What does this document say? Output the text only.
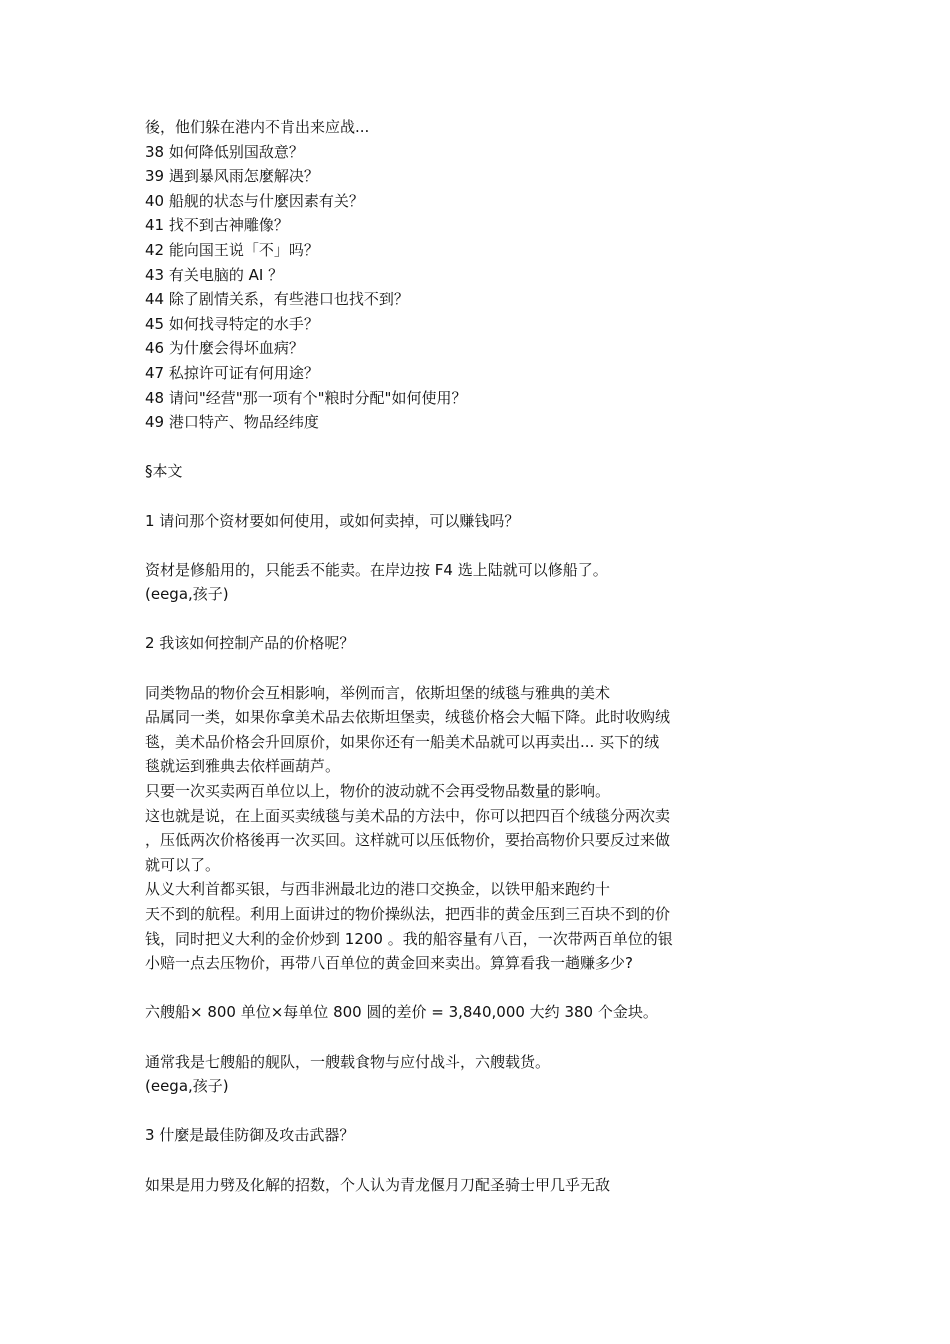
後，他们躲在港内不肯出来应战...

38 如何降低别国敌意？

39 遇到暴风雨怎麼解决？

40 船舰的状态与什麼因素有关？

41 找不到古神雕像？

42 能向国王说「不」吗？

43 有关电脑的 AI ？

44 除了剧情关系，有些港口也找不到？

45 如何找寻特定的水手？

46 为什麼会得坏血病？

47 私掠许可证有何用途？

48 请问"经营"那一项有个"粮时分配"如何使用？

49 港口特产、物品经纬度

§本文

1 请问那个资材要如何使用，或如何卖掉，可以赚钱吗？

资材是修船用的，只能丢不能卖。在岸边按 F4 选上陆就可以修船了。

(eega,孩子)

2 我该如何控制产品的价格呢？

同类物品的物价会互相影响，举例而言，依斯坦堡的绒毯与雅典的美术

品属同一类，如果你拿美术品去依斯坦堡卖，绒毯价格会大幅下降。此时收购绒

毯，美术品价格会升回原价，如果你还有一船美术品就可以再卖出... 买下的绒

毯就运到雅典去依样画葫芦。

只要一次买卖两百单位以上，物价的波动就不会再受物品数量的影响。

这也就是说，在上面买卖绒毯与美术品的方法中，你可以把四百个绒毯分两次卖

，压低两次价格後再一次买回。这样就可以压低物价，要抬高物价只要反过来做

就可以了。

从义大利首都买银，与西非洲最北边的港口交换金，以铁甲船来跑约十

天不到的航程。利用上面讲过的物价操纵法，把西非的黄金压到三百块不到的价

钱，同时把义大利的金价炒到 1200 。我的船容量有八百，一次带两百单位的银

小赔一点去压物价，再带八百单位的黄金回来卖出。算算看我一趟赚多少?

六艘船× 800 单位×每单位 800 圆的差价 = 3,840,000 大约 380 个金块。

通常我是七艘船的舰队，一艘载食物与应付战斗，六艘载货。

(eega,孩子)

3 什麼是最佳防御及攻击武器？

如果是用力劈及化解的招数，个人认为青龙偃月刀配圣骑士甲几乎无敌
